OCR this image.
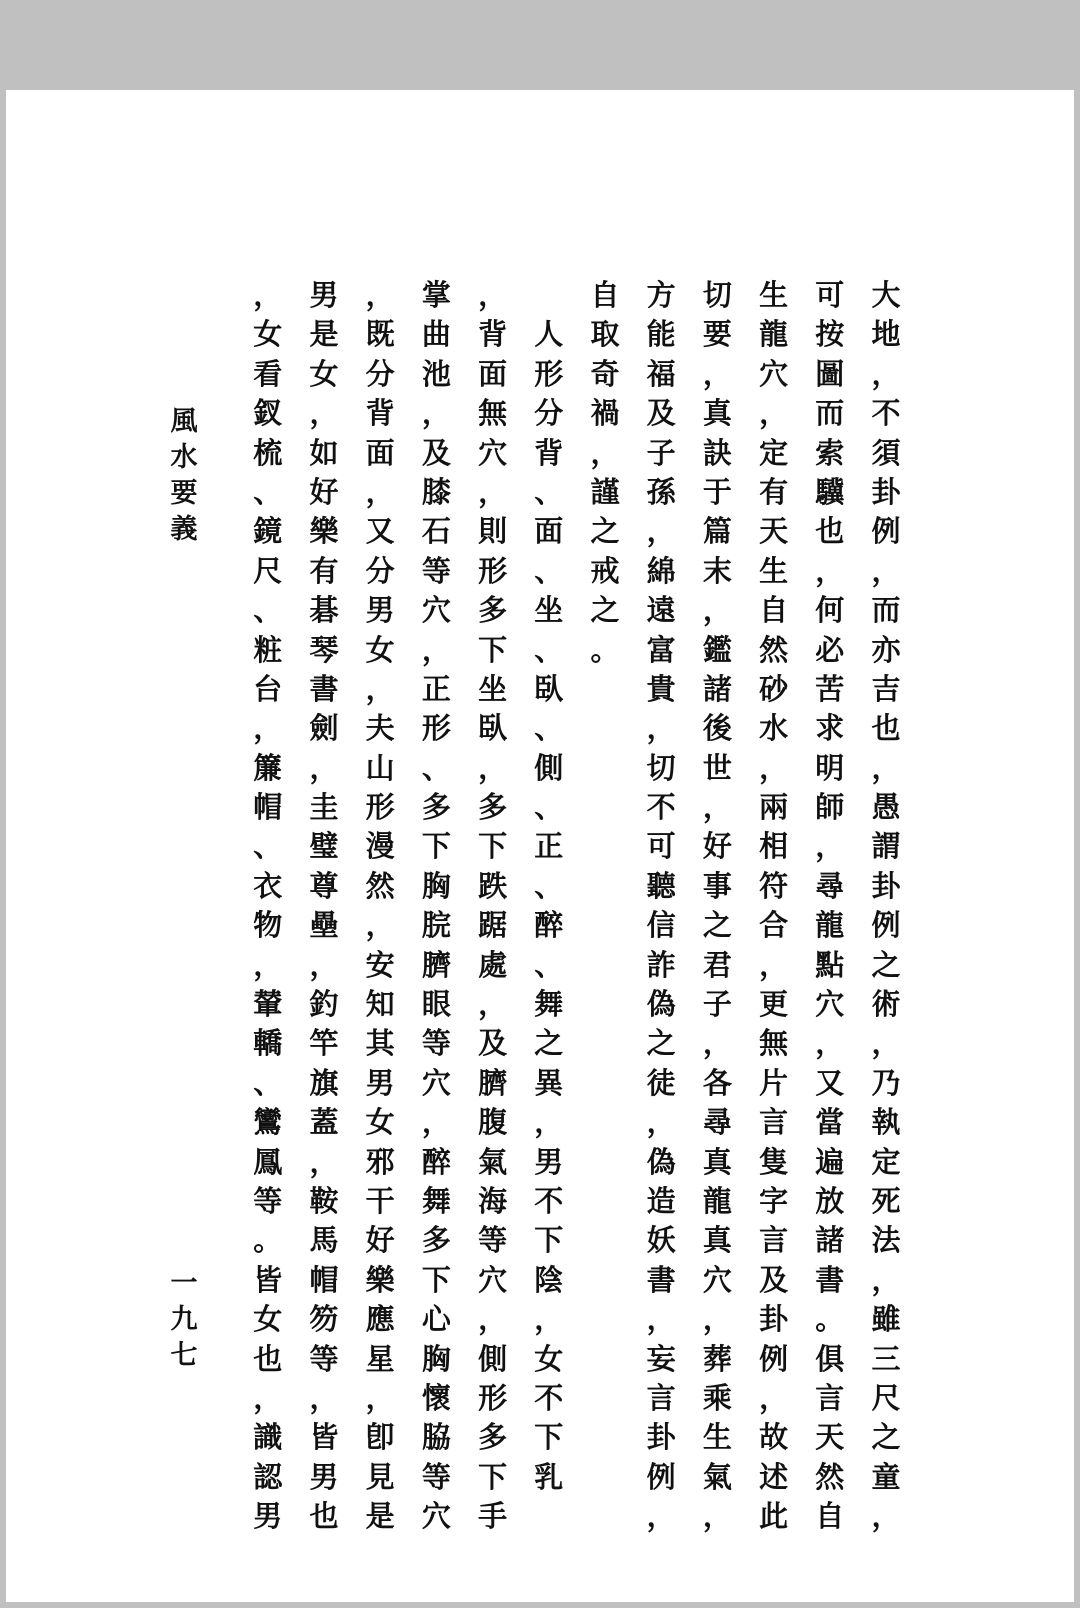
大
地
，
不
須
卦
例
，
而
亦
吉
也
，
愚
謂
卦
例
之
術
，
乃
執
定
死
法
，
雖
三
尺
之
童
，
可
按
圖
而
索
驥
也
，
何
必
苦
求
明
師
，
尋
龍
點
穴
，
又
當
遍
放
諸
書
。
俱
言
天
然
自
生
龍
穴
，
定
有
天
生
自
然
砂
水
，
兩
相
符
合
，
更
無
片
言
隻
字
言
及
卦
例
，
故
述
此
切
要
，
真
訣
于
篇
末
，
鑑
諸
後
世
，
好
事
之
君
子
，
各
尋
真
龍
真
穴
，
葬
乘
生
氣
，
方
能
福
及
子
孫
，
綿
遠
富
貴
，
切
不
可
聽
信
詐
偽
之
徒
，
偽
造
妖
書
，
妄
言
卦
例
，
自
取
奇
禍
，
謹
之
戒
之
。

人
形
分
背
、
面
、
坐
、
臥
、
側
、
正
、
醉
、
舞
之
異
，
男
不
下
陰
，
女
不
下
乳
，
背
面
無
穴
，
則
形
多
下
坐
臥
，
多
下
跌
踞
處
，
及
臍
腹
氣
海
等
穴
，
側
形
多
下
手
掌
曲
池
，
及
膝
石
等
穴
，
正
形
、
多
下
胸
脘
臍
眼
等
穴
，
醉
舞
多
下
心
胸
懷
脇
等
穴
，
既
分
背
面
，
又
分
男
女
，
夫
山
形
漫
然
，
安
知
其
男
女
邪
干
好
樂
應
星
，
卽
見
是
男
是
女
，
如
好
樂
有
碁
琴
書
劍
，
圭
璧
尊
壘
，
釣
竿
旗
蓋
，
鞍
馬
帽
笏
等
，
皆
男
也
，
女
看
釵
梳
、
鏡
尺
、
粧
台
，
簾
帽
、
衣
物
，
輦
轎
、
鸞
鳳
等
。
皆
女
也
，
識
認
男
風
水
要
義
一
九
七
